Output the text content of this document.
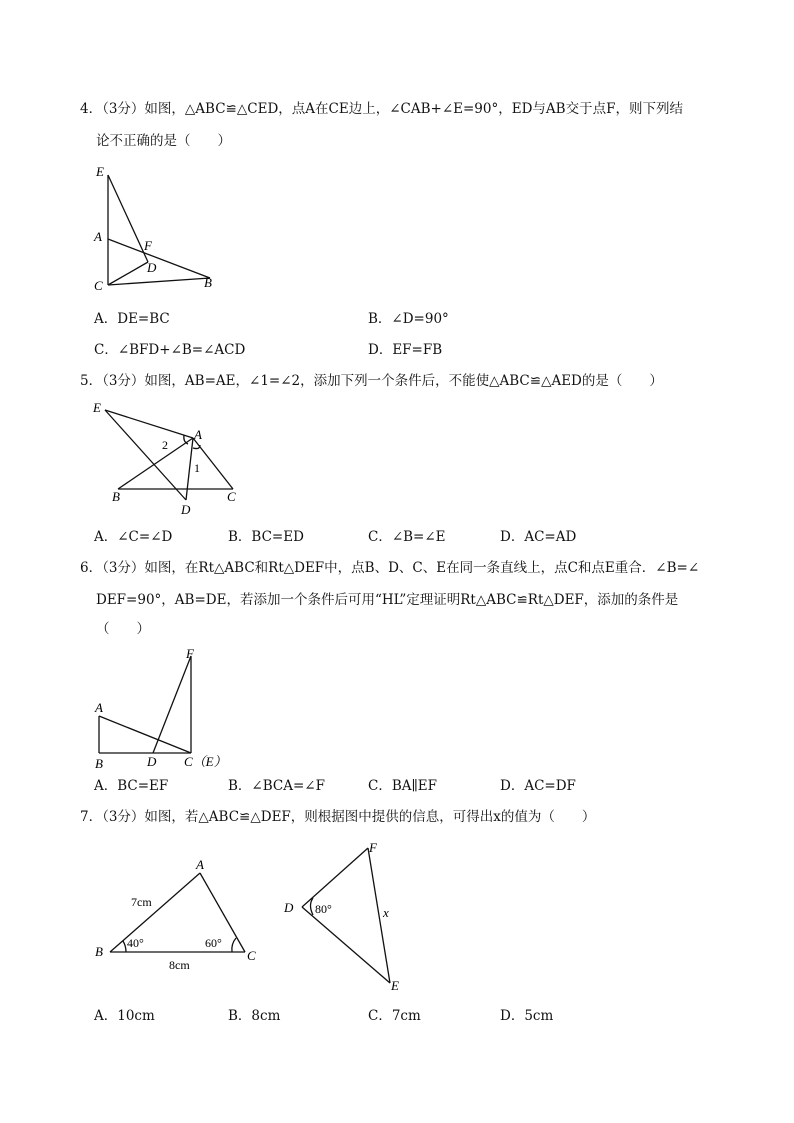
4．（3分）如图，△ABC≌△CED，点A在CE边上，∠CAB+∠E=90°，ED与AB交于点F，则下列结
论不正确的是（　　）
E
A
F
D
C	B
A．DE=BC	B．∠D=90°
C．∠BFD+∠B=∠ACD	D．EF=FB
5．（3分）如图，AB=AE，∠1=∠2，添加下列一个条件后，不能使△ABC≌△AED的是（　　）
E
A
2
1
B
D
C
A．∠C=∠D	B．BC=ED	C．∠B=∠E	D．AC=AD
6．（3分）如图，在Rt△ABC和Rt△DEF中，点B、D、C、E在同一条直线上，点C和点E重合．∠B=∠
DEF=90°，AB=DE，若添加一个条件后可用“HL”定理证明Rt△ABC≌Rt△DEF，添加的条件是
（　　）
F
A
B	D C（E）
A．BC=EF	B．∠BCA=∠F	C．BA∥EF	D．AC=DF
7．（3分）如图，若△ABC≌△DEF，则根据图中提供的信息，可得出x的值为（　　）
A
B	C
7cm
8cm
40°	60°
F
D
E
80°	x
A．10cm	B．8cm	C．7cm	D．5cm
